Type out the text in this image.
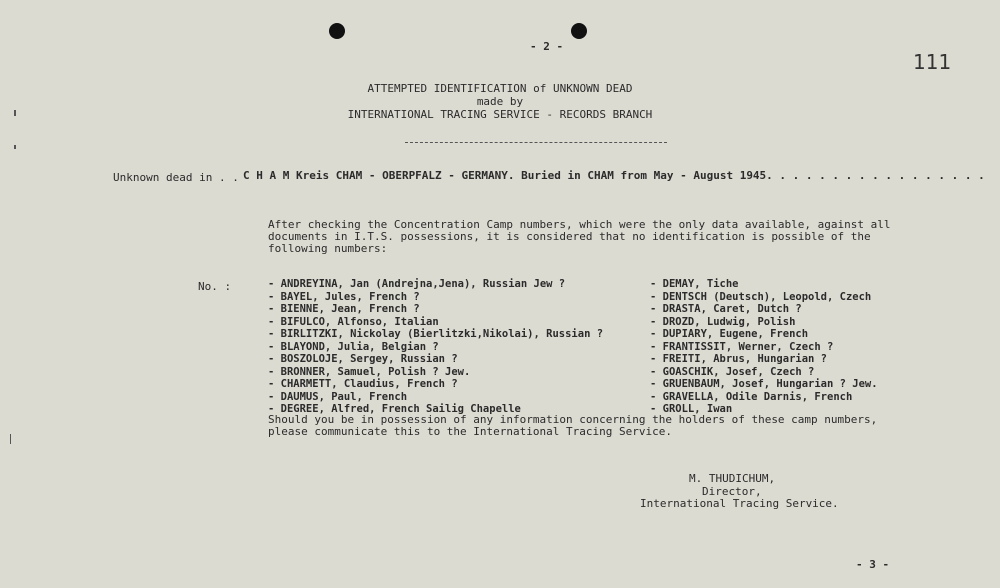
- 2 -
111
ATTEMPTED IDENTIFICATION of UNKNOWN DEAD
made by
INTERNATIONAL TRACING SERVICE - RECORDS BRANCH
Unknown dead in . . C H A M Kreis CHAM - OBERPFALZ - GERMANY. Buried in CHAM from May - August 1945. . . . . . . . . . . . . . . . .
After checking the Concentration Camp numbers, which were the only data available, against all
documents in I.T.S. possessions, it is considered that no identification is possible of the
following numbers:
No. :	- ANDREYINA, Jan (Andrejna,Jena), Russian Jew ?
- BAYEL, Jules, French ?
- BIENNE, Jean, French ?
- BIFULCO, Alfonso, Italian
- BIRLITZKI, Nickolay (Bierlitzki,Nikolai), Russian ?
- BLAYOND, Julia, Belgian ?
- BOSZOLOJE, Sergey, Russian ?
- BRONNER, Samuel, Polish ? Jew.
- CHARMETT, Claudius, French ?
- DAUMUS, Paul, French
- DEGREE, Alfred, French Sailig Chapelle
- DEMAY, Tiche
- DENTSCH (Deutsch), Leopold, Czech
- DRASTA, Caret, Dutch ?
- DROZD, Ludwig, Polish
- DUPIARY, Eugene, French
- FRANTISSIT, Werner, Czech ?
- FREITI, Abrus, Hungarian ?
- GOASCHIK, Josef, Czech ?
- GRUENBAUM, Josef, Hungarian ? Jew.
- GRAVELLA, Odile Darnis, French
- GROLL, Iwan
Should you be in possession of any information concerning the holders of these camp numbers,
please communicate this to the International Tracing Service.
M. THUDICHUM,
Director,
International Tracing Service.
- 3 -
